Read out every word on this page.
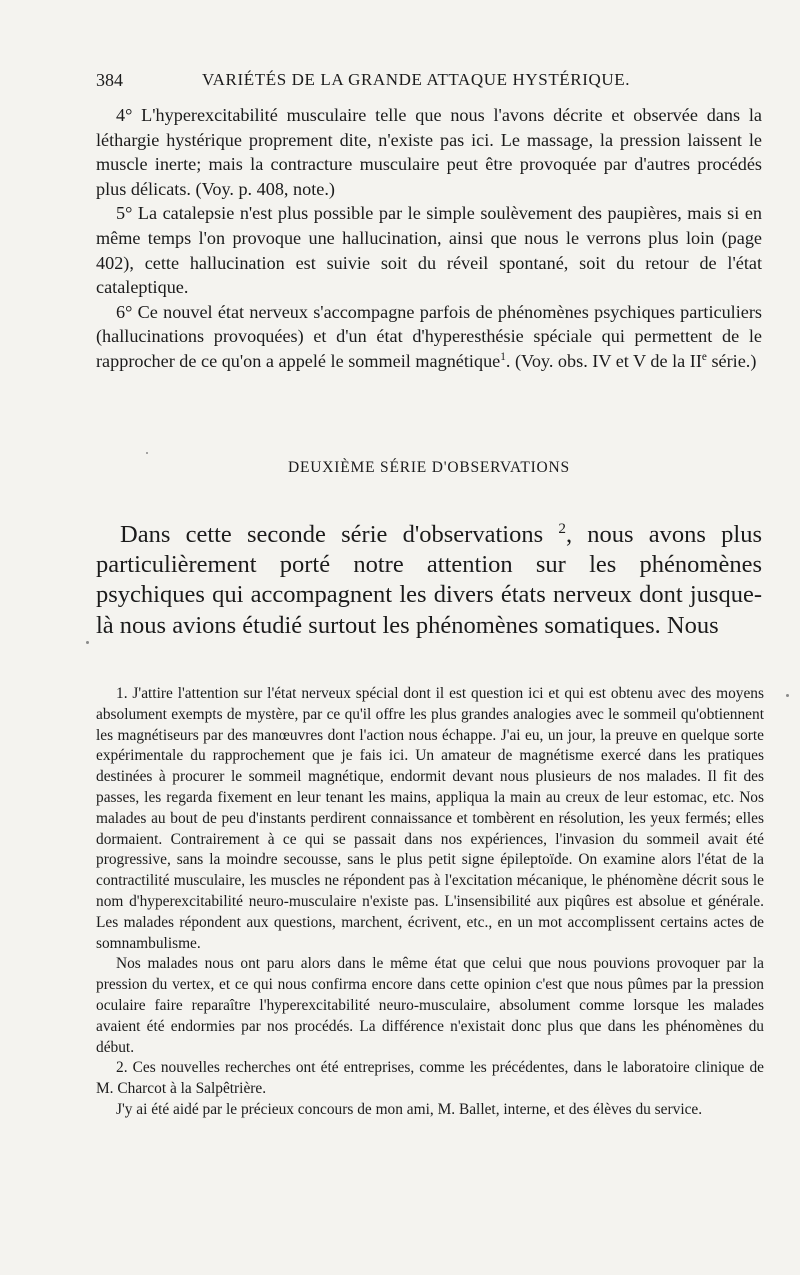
384	VARIÉTÉS DE LA GRANDE ATTAQUE HYSTÉRIQUE.

4° L'hyperexcitabilité musculaire telle que nous l'avons décrite et observée dans la léthargie hystérique proprement dite, n'existe pas ici. Le massage, la pression laissent le muscle inerte; mais la contracture musculaire peut être provoquée par d'autres procédés plus délicats. (Voy. p. 408, note.)

5° La catalepsie n'est plus possible par le simple soulèvement des paupières, mais si en même temps l'on provoque une hallucination, ainsi que nous le verrons plus loin (page 402), cette hallucination est suivie soit du réveil spontané, soit du retour de l'état cataleptique.

6° Ce nouvel état nerveux s'accompagne parfois de phénomènes psychiques particuliers (hallucinations provoquées) et d'un état d'hyperesthésie spéciale qui permettent de le rapprocher de ce qu'on a appelé le sommeil magnétique$^1$. (Voy. obs. IV et V de la IIe série.)

DEUXIÈME SÉRIE D'OBSERVATIONS

Dans cette seconde série d'observations $^2$, nous avons plus particulièrement porté notre attention sur les phénomènes psychiques qui accompagnent les divers états nerveux dont jusque-là nous avions étudié surtout les phénomènes somatiques. Nous

1. J'attire l'attention sur l'état nerveux spécial dont il est question ici et qui est obtenu avec des moyens absolument exempts de mystère, par ce qu'il offre les plus grandes analogies avec le sommeil qu'obtiennent les magnétiseurs par des manœuvres dont l'action nous échappe. J'ai eu, un jour, la preuve en quelque sorte expérimentale du rapprochement que je fais ici. Un amateur de magnétisme exercé dans les pratiques destinées à procurer le sommeil magnétique, endormit devant nous plusieurs de nos malades. Il fit des passes, les regarda fixement en leur tenant les mains, appliqua la main au creux de leur estomac, etc. Nos malades au bout de peu d'instants perdirent connaissance et tombèrent en résolution, les yeux fermés; elles dormaient. Contrairement à ce qui se passait dans nos expériences, l'invasion du sommeil avait été progressive, sans la moindre secousse, sans le plus petit signe épileptoïde. On examine alors l'état de la contractilité musculaire, les muscles ne répondent pas à l'excitation mécanique, le phénomène décrit sous le nom d'hyperexcitabilité neuro-musculaire n'existe pas. L'insensibilité aux piqûres est absolue et générale. Les malades répondent aux questions, marchent, écrivent, etc., en un mot accomplissent certains actes de somnambulisme.

Nos malades nous ont paru alors dans le même état que celui que nous pouvions provoquer par la pression du vertex, et ce qui nous confirma encore dans cette opinion c'est que nous pûmes par la pression oculaire faire reparaître l'hyperexcitabilité neuro-musculaire, absolument comme lorsque les malades avaient été endormies par nos procédés. La différence n'existait donc plus que dans les phénomènes du début.

2. Ces nouvelles recherches ont été entreprises, comme les précédentes, dans le laboratoire clinique de M. Charcot à la Salpêtrière.

J'y ai été aidé par le précieux concours de mon ami, M. Ballet, interne, et des élèves du service.
